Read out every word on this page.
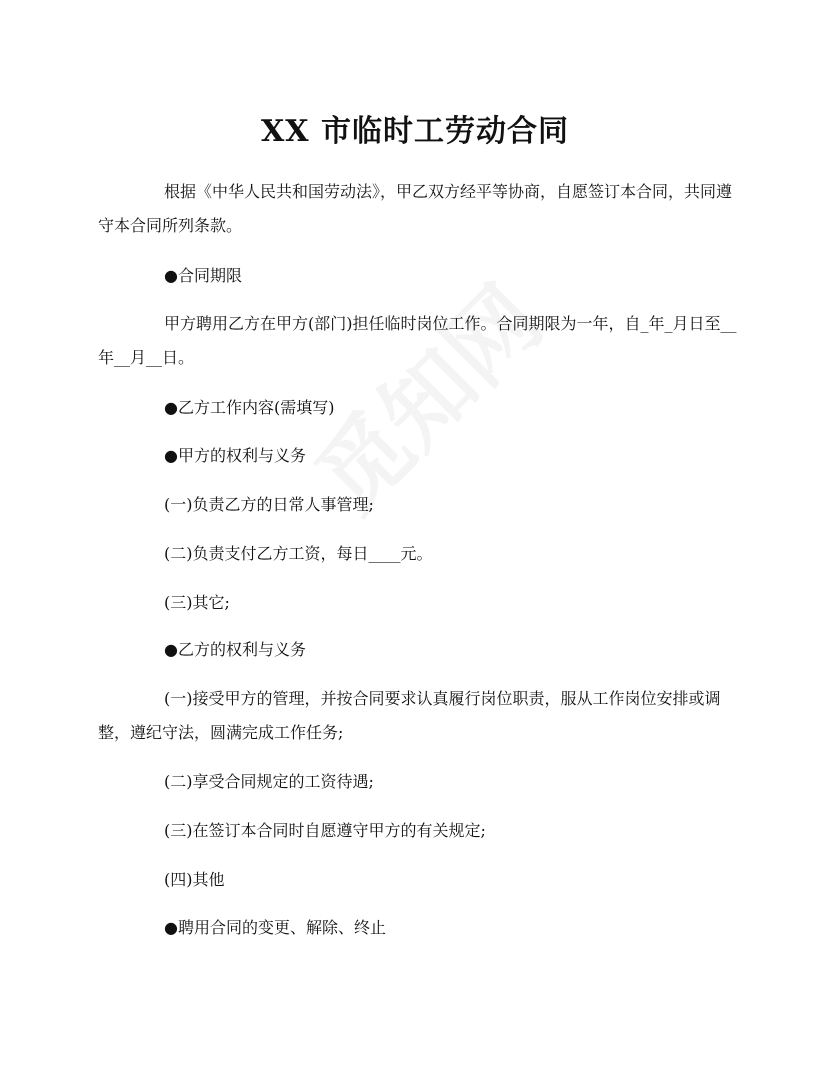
XX 市临时工劳动合同
根据《中华人民共和国劳动法》，甲乙双方经平等协商，自愿签订本合同，共同遵守本合同所列条款。
●合同期限
甲方聘用乙方在甲方(部门)担任临时岗位工作。合同期限为一年，自_年_月日至__年__月__日。
●乙方工作内容(需填写)
●甲方的权利与义务
(一)负责乙方的日常人事管理;
(二)负责支付乙方工资，每日____元。
(三)其它;
●乙方的权利与义务
(一)接受甲方的管理，并按合同要求认真履行岗位职责，服从工作岗位安排或调整，遵纪守法，圆满完成工作任务;
(二)享受合同规定的工资待遇;
(三)在签订本合同时自愿遵守甲方的有关规定;
(四)其他
●聘用合同的变更、解除、终止
